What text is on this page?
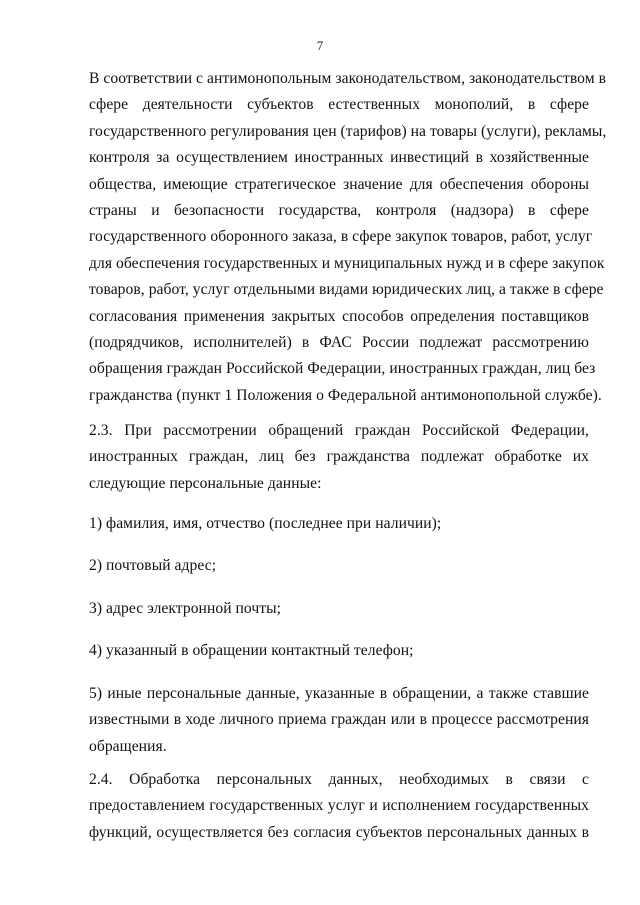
7
В соответствии с антимонопольным законодательством, законодательством в
сфере деятельности субъектов естественных монополий, в сфере
государственного регулирования цен (тарифов) на товары (услуги), рекламы,
контроля за осуществлением иностранных инвестиций в хозяйственные
общества, имеющие стратегическое значение для обеспечения обороны
страны и безопасности государства, контроля (надзора) в сфере
государственного оборонного заказа, в сфере закупок товаров, работ, услуг
для обеспечения государственных и муниципальных нужд и в сфере закупок
товаров, работ, услуг отдельными видами юридических лиц, а также в сфере
согласования применения закрытых способов определения поставщиков
(подрядчиков, исполнителей) в ФАС России подлежат рассмотрению
обращения граждан Российской Федерации, иностранных граждан, лиц без
гражданства (пункт 1 Положения о Федеральной антимонопольной службе).
2.3. При рассмотрении обращений граждан Российской Федерации,
иностранных граждан, лиц без гражданства подлежат обработке их
следующие персональные данные:
1) фамилия, имя, отчество (последнее при наличии);
2) почтовый адрес;
3) адрес электронной почты;
4) указанный в обращении контактный телефон;
5) иные персональные данные, указанные в обращении, а также ставшие
известными в ходе личного приема граждан или в процессе рассмотрения
обращения.
2.4. Обработка персональных данных, необходимых в связи с
предоставлением государственных услуг и исполнением государственных
функций, осуществляется без согласия субъектов персональных данных в
